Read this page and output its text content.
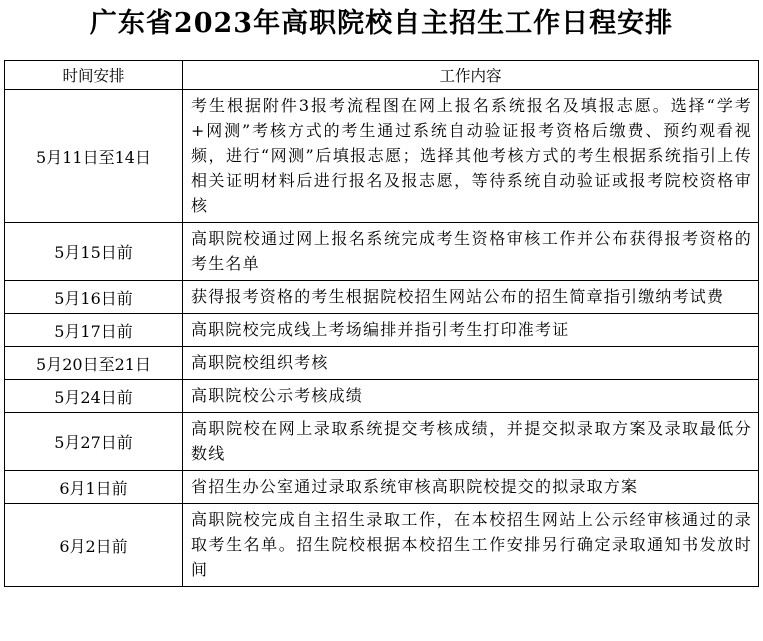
广东省2023年高职院校自主招生工作日程安排
时间安排	工作内容
5月11日至14日	考生根据附件3报考流程图在网上报名系统报名及填报志愿。选择“学考+网测”考核方式的考生通过系统自动验证报考资格后缴费、预约观看视频，进行“网测”后填报志愿；选择其他考核方式的考生根据系统指引上传相关证明材料后进行报名及报志愿，等待系统自动验证或报考院校资格审核
5月15日前	高职院校通过网上报名系统完成考生资格审核工作并公布获得报考资格的考生名单
5月16日前	获得报考资格的考生根据院校招生网站公布的招生简章指引缴纳考试费
5月17日前	高职院校完成线上考场编排并指引考生打印准考证
5月20日至21日	高职院校组织考核
5月24日前	高职院校公示考核成绩
5月27日前	高职院校在网上录取系统提交考核成绩，并提交拟录取方案及录取最低分数线
6月1日前	省招生办公室通过录取系统审核高职院校提交的拟录取方案
6月2日前	高职院校完成自主招生录取工作，在本校招生网站上公示经审核通过的录取考生名单。招生院校根据本校招生工作安排另行确定录取通知书发放时间
